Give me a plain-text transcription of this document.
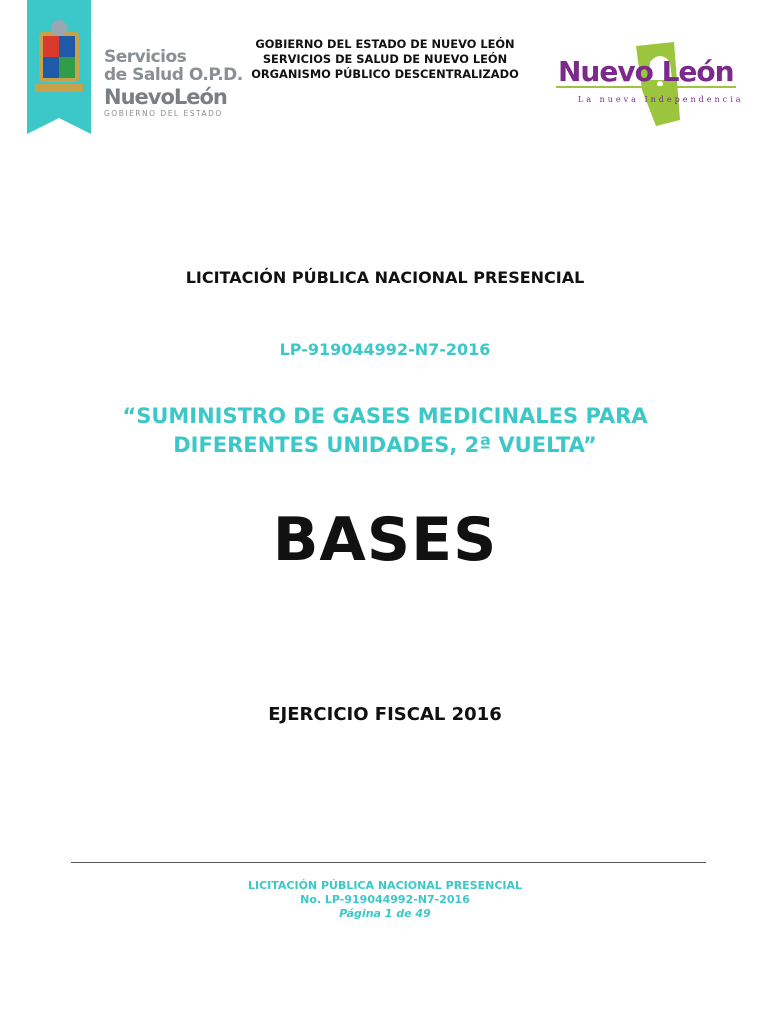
Servicios
de Salud O.P.D.
NuevoLeón
GOBIERNO DEL ESTADO
GOBIERNO DEL ESTADO DE NUEVO LEÓN
SERVICIOS DE SALUD DE NUEVO LEÓN
ORGANISMO PÚBLICO DESCENTRALIZADO	Nuevo León
La nueva Independencia
LICITACIÓN PÚBLICA NACIONAL PRESENCIAL
LP-919044992-N7-2016
“SUMINISTRO DE GASES MEDICINALES PARA
DIFERENTES UNIDADES, 2ª VUELTA”
BASES
EJERCICIO FISCAL 2016
LICITACIÓN PÚBLICA NACIONAL PRESENCIAL
No. LP-919044992-N7-2016
Página 1 de 49
